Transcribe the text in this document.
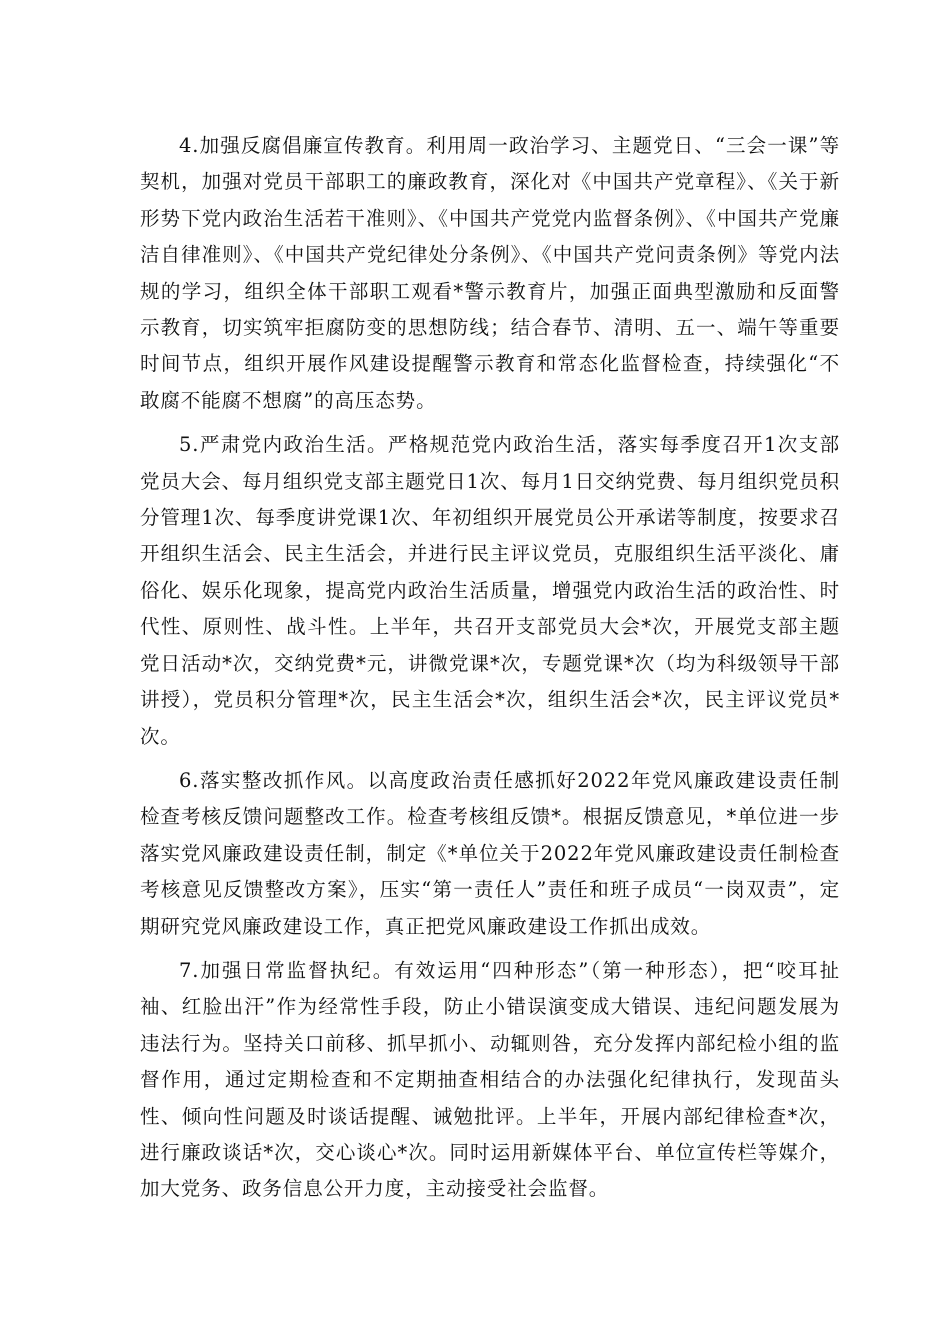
4.加强反腐倡廉宣传教育。利用周一政治学习、主题党日、“三会一课”等契机，加强对党员干部职工的廉政教育，深化对《中国共产党章程》、《关于新形势下党内政治生活若干准则》、《中国共产党党内监督条例》、《中国共产党廉洁自律准则》、《中国共产党纪律处分条例》、《中国共产党问责条例》等党内法规的学习，组织全体干部职工观看*警示教育片，加强正面典型激励和反面警示教育，切实筑牢拒腐防变的思想防线；结合春节、清明、五一、端午等重要时间节点，组织开展作风建设提醒警示教育和常态化监督检查，持续强化“不敢腐不能腐不想腐”的高压态势。

5.严肃党内政治生活。严格规范党内政治生活，落实每季度召开1次支部党员大会、每月组织党支部主题党日1次、每月1日交纳党费、每月组织党员积分管理1次、每季度讲党课1次、年初组织开展党员公开承诺等制度，按要求召开组织生活会、民主生活会，并进行民主评议党员，克服组织生活平淡化、庸俗化、娱乐化现象，提高党内政治生活质量，增强党内政治生活的政治性、时代性、原则性、战斗性。上半年，共召开支部党员大会*次，开展党支部主题党日活动*次，交纳党费*元，讲微党课*次，专题党课*次（均为科级领导干部讲授），党员积分管理*次，民主生活会*次，组织生活会*次，民主评议党员*次。

6.落实整改抓作风。以高度政治责任感抓好2022年党风廉政建设责任制检查考核反馈问题整改工作。检查考核组反馈*。根据反馈意见，*单位进一步落实党风廉政建设责任制，制定《*单位关于2022年党风廉政建设责任制检查考核意见反馈整改方案》，压实“第一责任人”责任和班子成员“一岗双责”，定期研究党风廉政建设工作，真正把党风廉政建设工作抓出成效。

7.加强日常监督执纪。有效运用“四种形态”（第一种形态），把“咬耳扯袖、红脸出汗”作为经常性手段，防止小错误演变成大错误、违纪问题发展为违法行为。坚持关口前移、抓早抓小、动辄则咎，充分发挥内部纪检小组的监督作用，通过定期检查和不定期抽查相结合的办法强化纪律执行，发现苗头性、倾向性问题及时谈话提醒、诫勉批评。上半年，开展内部纪律检查*次，进行廉政谈话*次，交心谈心*次。同时运用新媒体平台、单位宣传栏等媒介，加大党务、政务信息公开力度，主动接受社会监督。
